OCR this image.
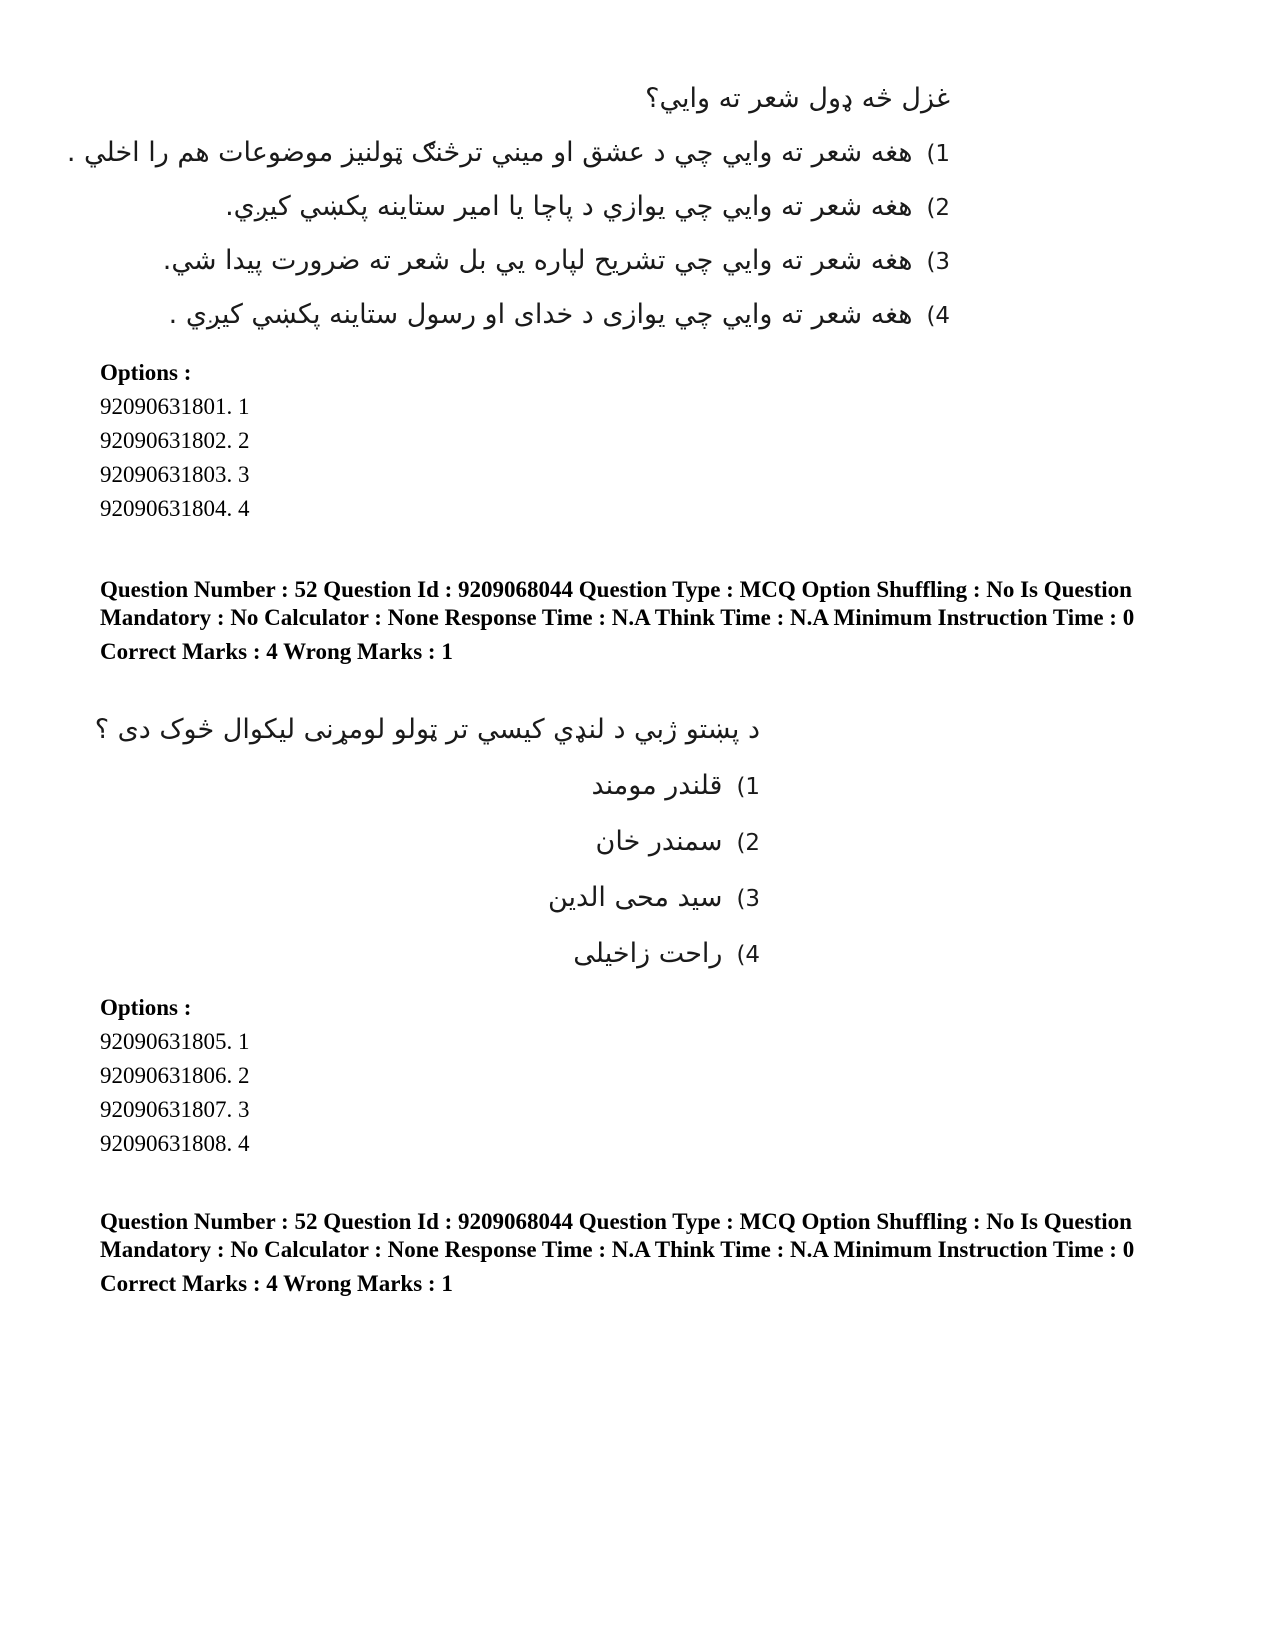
غزل څه ډول شعر ته وايي؟
1)هغه شعر ته وايي چي د عشق او ميني ترڅنګ ټولنيز موضوعات هم را اخلي .
2)هغه شعر ته وايي چي يوازي د پاچا يا امير ستاينه پکښي کيږي.
3)هغه شعر ته وايي چي تشريح لپاره يي بل شعر ته ضرورت پيدا شي.
4)هغه شعر ته وايي چي يوازی د خدای او رسول ستاينه پکښي کيږي .
Options :
92090631801. 1
92090631802. 2
92090631803. 3
92090631804. 4
Question Number : 52 Question Id : 9209068044 Question Type : MCQ Option Shuffling : No Is Question Mandatory : No Calculator : None Response Time : N.A Think Time : N.A Minimum Instruction Time : 0
Correct Marks : 4 Wrong Marks : 1
د پښتو ژبي د لنډي کيسي تر ټولو لومړنی ليکوال څوک دی ؟
1)قلندر مومند
2)سمندر خان
3)سيد محی الدين
4)راحت زاخيلی
Options :
92090631805. 1
92090631806. 2
92090631807. 3
92090631808. 4
Question Number : 52 Question Id : 9209068044 Question Type : MCQ Option Shuffling : No Is Question Mandatory : No Calculator : None Response Time : N.A Think Time : N.A Minimum Instruction Time : 0
Correct Marks : 4 Wrong Marks : 1
